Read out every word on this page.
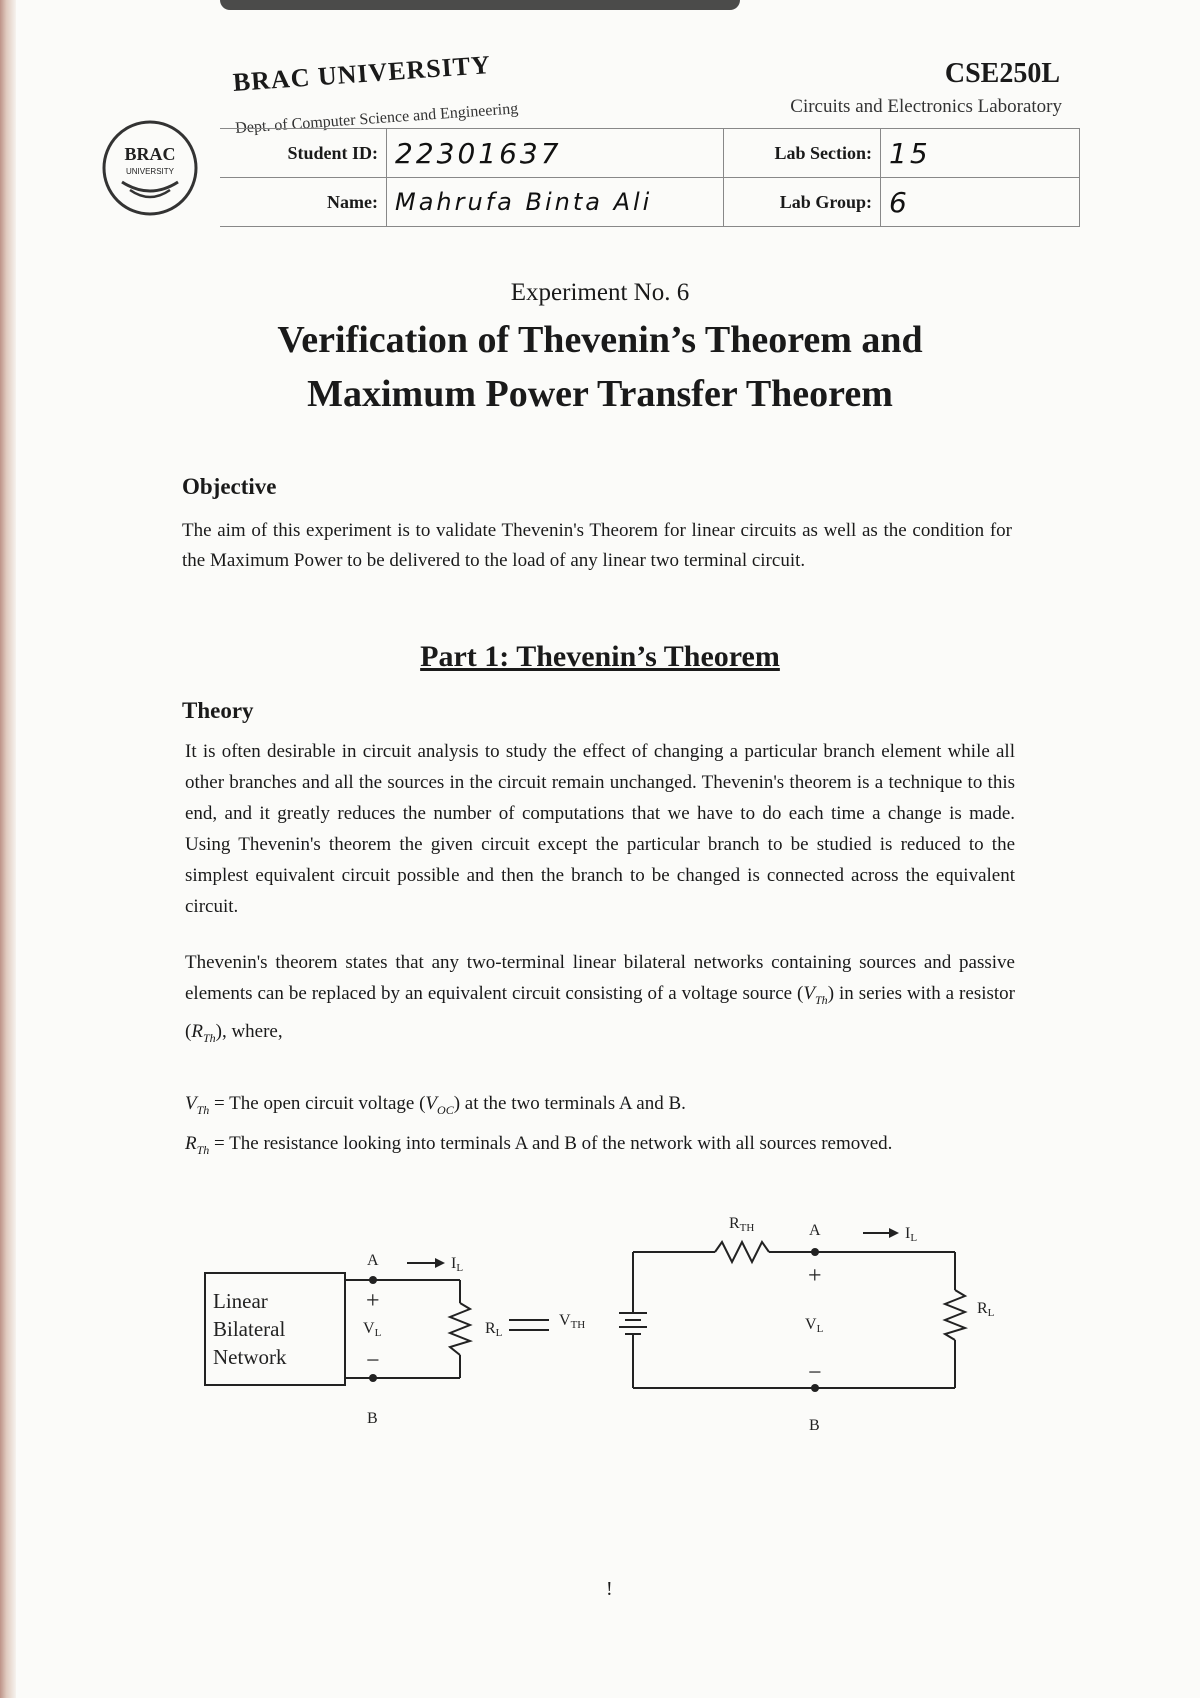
BRAC
UNIVERSITY
BRAC UNIVERSITY
Dept. of Computer Science and Engineering
CSE250L
Circuits and Electronics Laboratory
Student ID:	22301637	Lab Section:	15
Name:	Mahrufa Binta Ali	Lab Group:	6
Experiment No. 6
Verification of Thevenin’s Theorem and
Maximum Power Transfer Theorem
Objective
The aim of this experiment is to validate Thevenin's Theorem for linear circuits as well as the condition for the Maximum Power to be delivered to the load of any linear two terminal circuit.
Part 1: Thevenin’s Theorem
Theory
It is often desirable in circuit analysis to study the effect of changing a particular branch element while all other branches and all the sources in the circuit remain unchanged. Thevenin's theorem is a technique to this end, and it greatly reduces the number of computations that we have to do each time a change is made. Using Thevenin's theorem the given circuit except the particular branch to be studied is reduced to the simplest equivalent circuit possible and then the branch to be changed is connected across the equivalent circuit.
Thevenin's theorem states that any two-terminal linear bilateral networks containing sources and passive elements can be replaced by an equivalent circuit consisting of a voltage source $(V_{Th})$ in series with a resistor $(R_{Th})$, where,
$V_{Th}$ = The open circuit voltage $(V_{OC})$ at the two terminals A and B.
$R_{Th}$ = The resistance looking into terminals A and B of the network with all sources removed.
Linear
Bilateral
Network
A
B
IL
+
−
VL	RL
VTH
RTH	A
B
IL
+
−
VL
RL
!
